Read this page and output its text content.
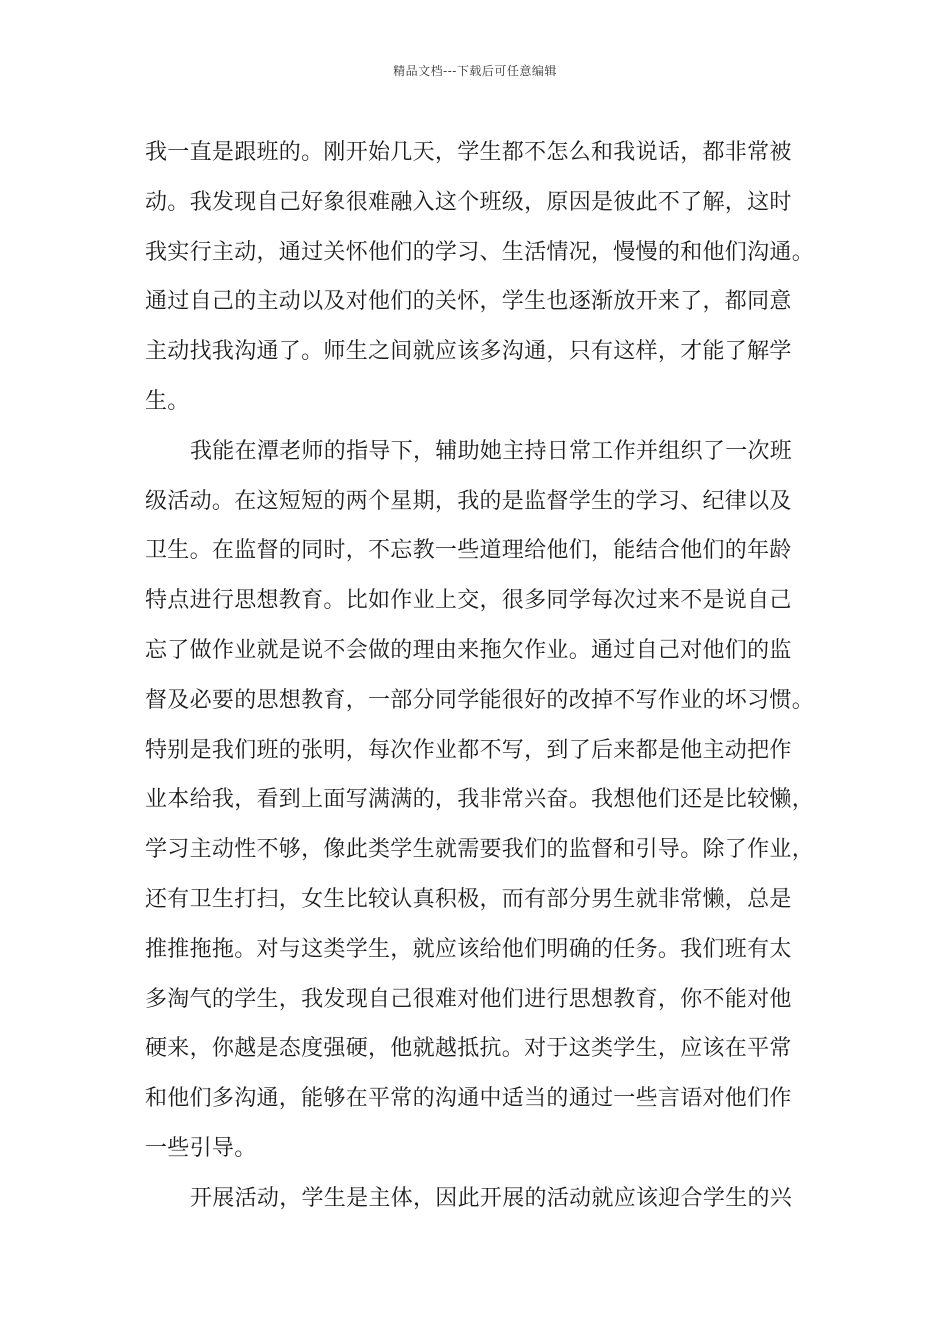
精品文档---下载后可任意编辑
我一直是跟班的。刚开始几天，学生都不怎么和我说话，都非常被
动。我发现自己好象很难融入这个班级，原因是彼此不了解，这时
我实行主动，通过关怀他们的学习、生活情况，慢慢的和他们沟通。
通过自己的主动以及对他们的关怀，学生也逐渐放开来了，都同意
主动找我沟通了。师生之间就应该多沟通，只有这样，才能了解学
生。
我能在潭老师的指导下，辅助她主持日常工作并组织了一次班
级活动。在这短短的两个星期，我的是监督学生的学习、纪律以及
卫生。在监督的同时，不忘教一些道理给他们，能结合他们的年龄
特点进行思想教育。比如作业上交，很多同学每次过来不是说自己
忘了做作业就是说不会做的理由来拖欠作业。通过自己对他们的监
督及必要的思想教育，一部分同学能很好的改掉不写作业的坏习惯。
特别是我们班的张明，每次作业都不写，到了后来都是他主动把作
业本给我，看到上面写满满的，我非常兴奋。我想他们还是比较懒，
学习主动性不够，像此类学生就需要我们的监督和引导。除了作业，
还有卫生打扫，女生比较认真积极，而有部分男生就非常懒，总是
推推拖拖。对与这类学生，就应该给他们明确的任务。我们班有太
多淘气的学生，我发现自己很难对他们进行思想教育，你不能对他
硬来，你越是态度强硬，他就越抵抗。对于这类学生，应该在平常
和他们多沟通，能够在平常的沟通中适当的通过一些言语对他们作
一些引导。
开展活动，学生是主体，因此开展的活动就应该迎合学生的兴
